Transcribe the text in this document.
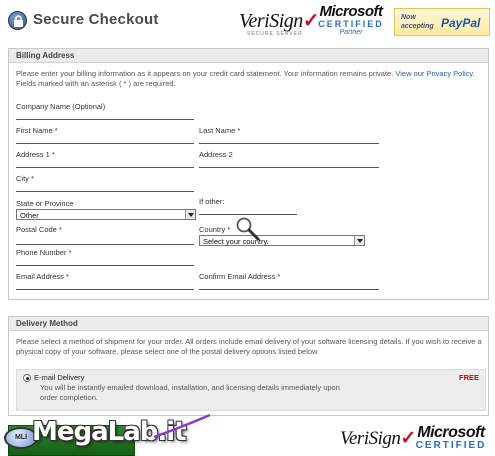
Secure Checkout	VeriSign✓
SECURE SERVER
Microsoft
CERTIFIED
Partner
Now
accepting PayPal
Billing Address
Please enter your billing information as it appears on your credit card statement. Your information remains private. View our Privacy Policy. Fields marked with an asterisk ( * ) are required.
Company Name (Optional)
First Name *	Last Name *
Address 1 *	Address 2
City *
State or Province
Other
If other:
Postal Code *	Country *
Select your country.
Phone Number *
Email Address *	Confirm Email Address *
Delivery Method
Please select a method of shipment for your order. All orders include email delivery of your software licensing details. If you wish to receive a physical copy of your software, please select one of the postal delivery options listed below.
E-mail Delivery	FREE
You will be instantly emailed download, installation, and licensing details immediately upon order completion.
MLI MegaLab.it	VeriSign✓ Microsoft
CERTIFIED
